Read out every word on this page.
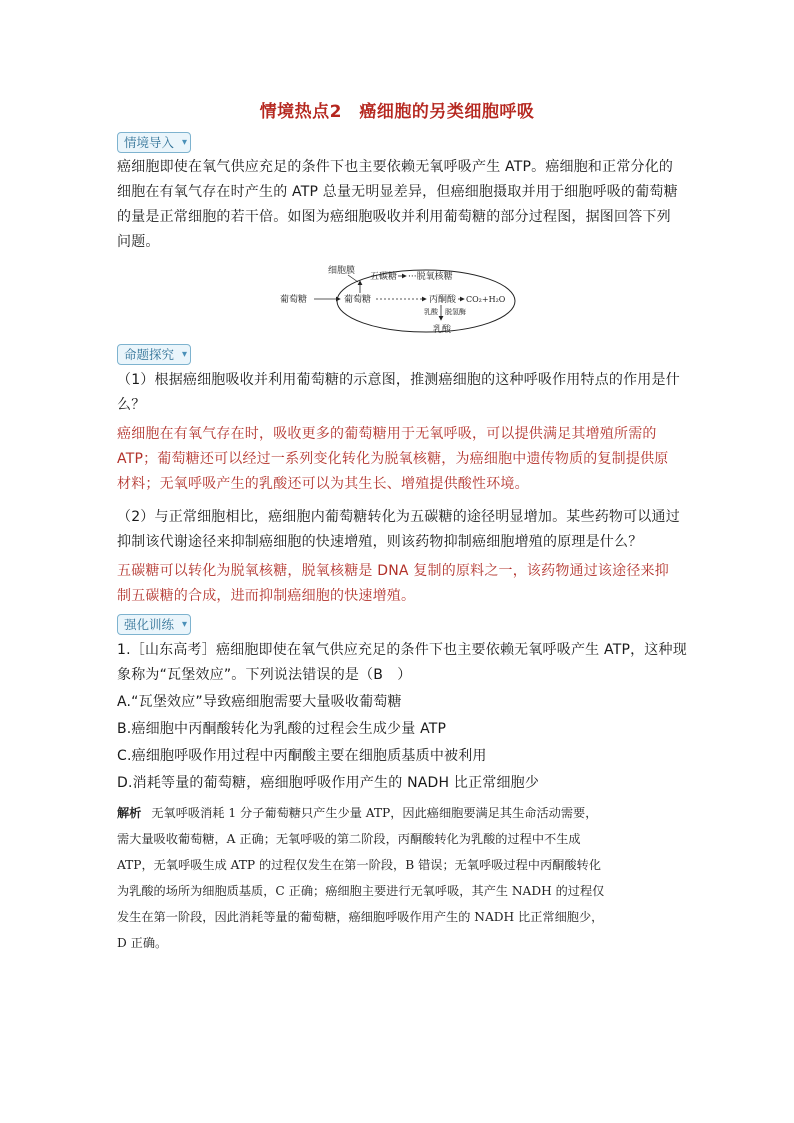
情境热点2　癌细胞的另类细胞呼吸
情境导入 ▾
癌细胞即使在氧气供应充足的条件下也主要依赖无氧呼吸产生 ATP。癌细胞和正常分化的
细胞在有氧气存在时产生的 ATP 总量无明显差异，但癌细胞摄取并用于细胞呼吸的葡萄糖
的量是正常细胞的若干倍。如图为癌细胞吸收并利用葡萄糖的部分过程图，据图回答下列
问题。
细胞膜
葡萄糖	葡萄糖
五碳糖 ···脱氧核糖
丙酮酸 CO₂+H₂O
乳酸 脱氢酶
乳酸
命题探究 ▾
（1）根据癌细胞吸收并利用葡萄糖的示意图，推测癌细胞的这种呼吸作用特点的作用是什
么？
癌细胞在有氧气存在时，吸收更多的葡萄糖用于无氧呼吸，可以提供满足其增殖所需的
ATP；葡萄糖还可以经过一系列变化转化为脱氧核糖，为癌细胞中遗传物质的复制提供原
材料；无氧呼吸产生的乳酸还可以为其生长、增殖提供酸性环境。
（2）与正常细胞相比，癌细胞内葡萄糖转化为五碳糖的途径明显增加。某些药物可以通过
抑制该代谢途径来抑制癌细胞的快速增殖，则该药物抑制癌细胞增殖的原理是什么？
五碳糖可以转化为脱氧核糖，脱氧核糖是 DNA 复制的原料之一，该药物通过该途径来抑
制五碳糖的合成，进而抑制癌细胞的快速增殖。
强化训练 ▾
1.［山东高考］癌细胞即使在氧气供应充足的条件下也主要依赖无氧呼吸产生 ATP，这种现
象称为“瓦堡效应”。下列说法错误的是（B　）
A.“瓦堡效应”导致癌细胞需要大量吸收葡萄糖
B.癌细胞中丙酮酸转化为乳酸的过程会生成少量 ATP
C.癌细胞呼吸作用过程中丙酮酸主要在细胞质基质中被利用
D.消耗等量的葡萄糖，癌细胞呼吸作用产生的 NADH 比正常细胞少
解析 无氧呼吸消耗 1 分子葡萄糖只产生少量 ATP，因此癌细胞要满足其生命活动需要，
需大量吸收葡萄糖，A 正确；无氧呼吸的第二阶段，丙酮酸转化为乳酸的过程中不生成
ATP，无氧呼吸生成 ATP 的过程仅发生在第一阶段，B 错误；无氧呼吸过程中丙酮酸转化
为乳酸的场所为细胞质基质，C 正确；癌细胞主要进行无氧呼吸，其产生 NADH 的过程仅
发生在第一阶段，因此消耗等量的葡萄糖，癌细胞呼吸作用产生的 NADH 比正常细胞少，
D 正确。
